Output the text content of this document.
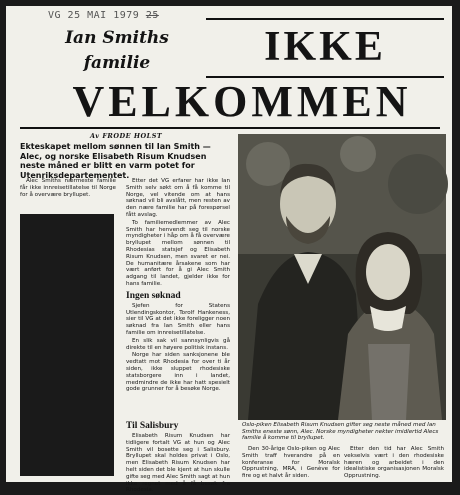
VG 25 MAI 1979 25
Ian Smiths familie	IKKE
VELKOMMEN
Av FRODE HOLST
Ekteskapet mellom sønnen til Ian Smith — Alec, og norske Elisabeth Risum Knudsen neste måned er blitt en varm potet for Utenriksdepartementet.

Alec Smiths nærmeste familie får ikke innreisetillatelse til Norge for å overvære bryllupet.

Etter det VG erfarer har ikke Ian Smith selv søkt om å få komme til Norge, vel vitende om at hans søknad vil bli avslått, men resten av den nære familie har på forespørsel fått avslag.

To familiemedlemmer av Alec Smith har henvendt seg til norske myndigheter i håp om å få overvære bryllupet mellom sønnen til Rhodesias statsjef og Elisabeth Risum Knudsen, men svaret er nei. De humanitære årsakene som har vært anført for å gi Alec Smith adgang til landet, gjelder ikke for hans familie.

Ingen søknad

Sjefen for Statens Utlendingskontor, Torolf Hankeness, sier til VG at det ikke foreligger noen søknad fra Ian Smith eller hans familie om innreisetillatelse.

En slik sak vil sannsynligvis gå direkte til en høyere politisk instans.

Norge har siden sanksjonene ble vedtatt mot Rhodesia for over ti år siden, ikke sluppet rhodesiske statsborgere inn i landet, medmindre de ikke har hatt spesielt gode grunner for å besøke Norge.

Til Salisbury

Elisabeth Risum Knudsen har tidligere fortalt VG at hun og Alec Smith vil bosette seg i Salisbury. Bryllupet skal holdes privat i Oslo, men Elisabeth Risum Knudsen har helt siden det ble kjent at hun skulle gifte seg med Alec Smith sagt at hun ikke regnet med å få besøk fra Rhodesia.

Oslo-piken Elisabeth Risum Knudsen gifter seg neste måned med Ian Smiths eneste sønn, Alec. Norske myndigheter nekter imidlertid Alecs familie å komme til bryllupet.

Den 30-årige Oslo-piken og Alec Smith traff hverandre på en konferanse for Moralsk Opprustning, MRA, i Genève for fire og et halvt år siden.

Etter den tid har Alec Smith vekselvis vært i den rhodesiske hæren og arbeidet i den idealistiske organisasjonen Moralsk Opprustning.
